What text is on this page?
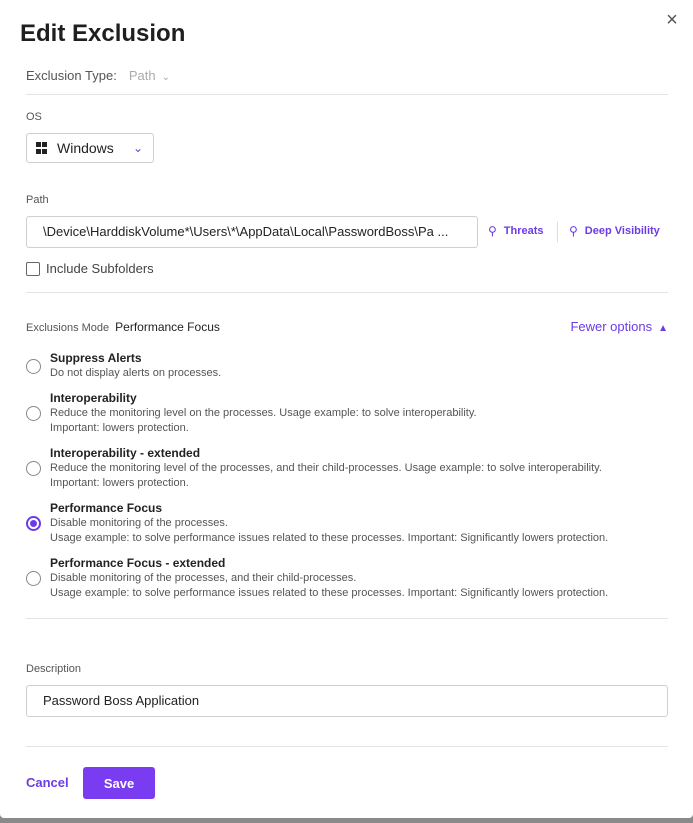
×
Edit Exclusion
Exclusion Type: Path ⌄
OS
Windows ⌄
Path
\Device\HarddiskVolume*\Users\*\AppData\Local\PasswordBoss\Pa ...	⚲ Threats ⚲ Deep Visibility
Include Subfolders
Exclusions Mode Performance Focus	Fewer options ▲
Suppress Alerts
Do not display alerts on processes.
Interoperability
Reduce the monitoring level on the processes. Usage example: to solve interoperability.
Important: lowers protection.
Interoperability - extended
Reduce the monitoring level of the processes, and their child-processes. Usage example: to solve interoperability.
Important: lowers protection.
Performance Focus
Disable monitoring of the processes.
Usage example: to solve performance issues related to these processes. Important: Significantly lowers protection.
Performance Focus - extended
Disable monitoring of the processes, and their child-processes.
Usage example: to solve performance issues related to these processes. Important: Significantly lowers protection.
Description
Password Boss Application
Cancel	Save
